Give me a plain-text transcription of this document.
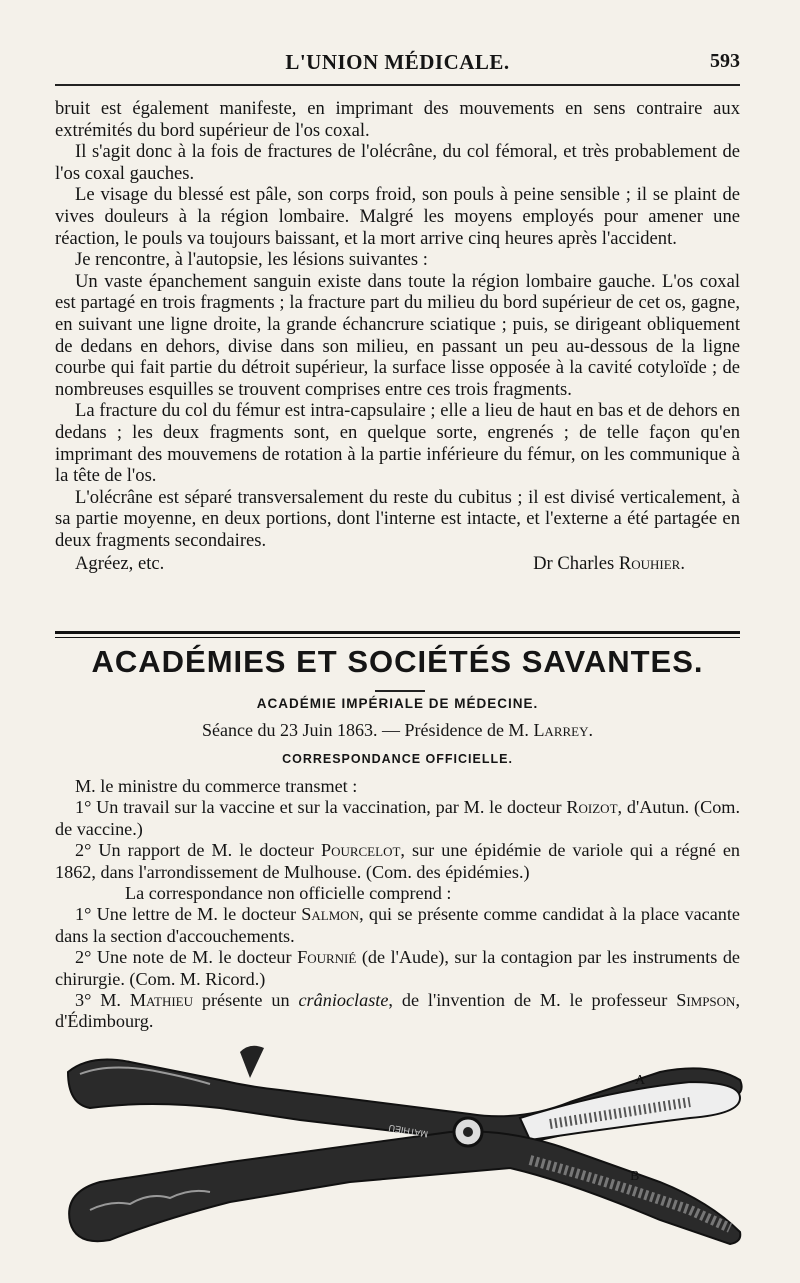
L'UNION MÉDICALE.	593

bruit est également manifeste, en imprimant des mouvements en sens contraire aux extrémités du bord supérieur de l'os coxal.

Il s'agit donc à la fois de fractures de l'olécrâne, du col fémoral, et très probablement de l'os coxal gauches.

Le visage du blessé est pâle, son corps froid, son pouls à peine sensible ; il se plaint de vives douleurs à la région lombaire. Malgré les moyens employés pour amener une réaction, le pouls va toujours baissant, et la mort arrive cinq heures après l'accident.

Je rencontre, à l'autopsie, les lésions suivantes :

Un vaste épanchement sanguin existe dans toute la région lombaire gauche. L'os coxal est partagé en trois fragments ; la fracture part du milieu du bord supérieur de cet os, gagne, en suivant une ligne droite, la grande échancrure sciatique ; puis, se dirigeant obliquement de dedans en dehors, divise dans son milieu, en passant un peu au-dessous de la ligne courbe qui fait partie du détroit supérieur, la surface lisse opposée à la cavité cotyloïde ; de nombreuses esquilles se trouvent comprises entre ces trois fragments.

La fracture du col du fémur est intra-capsulaire ; elle a lieu de haut en bas et de dehors en dedans ; les deux fragments sont, en quelque sorte, engrenés ; de telle façon qu'en imprimant des mouvemens de rotation à la partie inférieure du fémur, on les communique à la tête de l'os.

L'olécrâne est séparé transversalement du reste du cubitus ; il est divisé verticalement, à sa partie moyenne, en deux portions, dont l'interne est intacte, et l'externe a été partagée en deux fragments secondaires.

Agréez, etc.	Dr Charles Rouhier.
ACADÉMIES ET SOCIÉTÉS SAVANTES.
ACADÉMIE IMPÉRIALE DE MÉDECINE.
Séance du 23 Juin 1863. — Présidence de M. Larrey.
CORRESPONDANCE OFFICIELLE.

M. le ministre du commerce transmet :

1° Un travail sur la vaccine et sur la vaccination, par M. le docteur Roizot, d'Autun. (Com. de vaccine.)

2° Un rapport de M. le docteur Pourcelot, sur une épidémie de variole qui a régné en 1862, dans l'arrondissement de Mulhouse. (Com. des épidémies.)

La correspondance non officielle comprend :

1° Une lettre de M. le docteur Salmon, qui se présente comme candidat à la place vacante dans la section d'accouchements.

2° Une note de M. le docteur Fournié (de l'Aude), sur la contagion par les instruments de chirurgie. (Com. M. Ricord.)

3° M. Mathieu présente un crânioclaste, de l'invention de M. le professeur Simpson, d'Édimbourg.

A
B
MATHIEU
